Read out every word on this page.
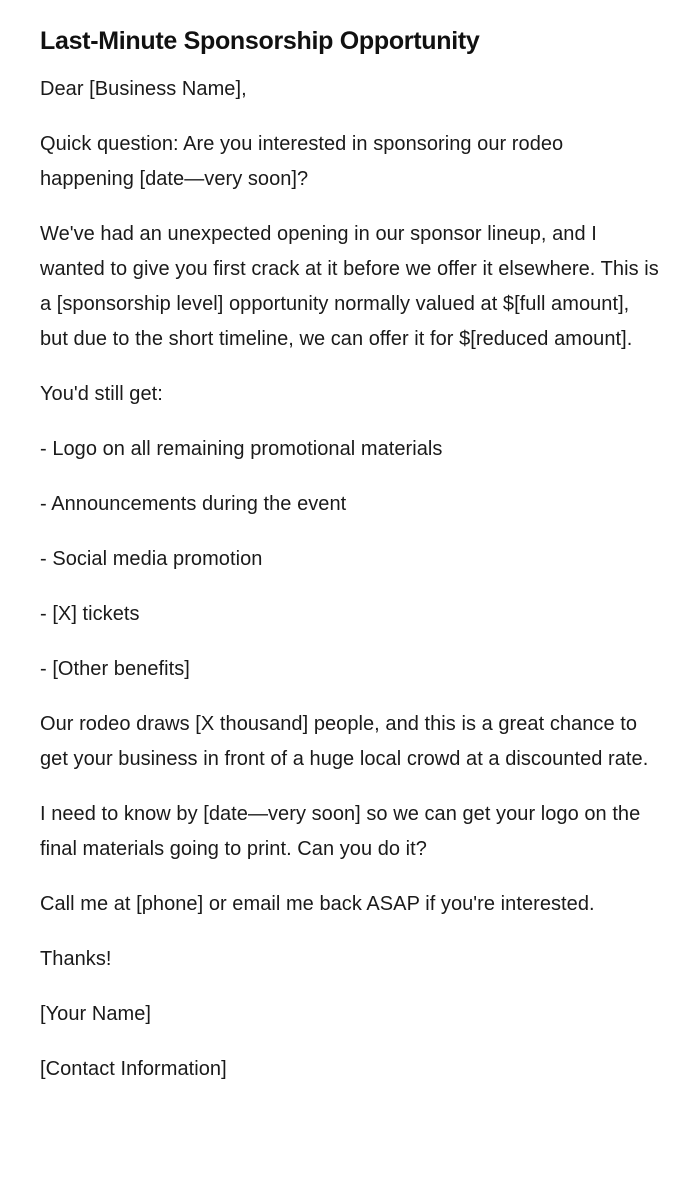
Last-Minute Sponsorship Opportunity

Dear [Business Name],

Quick question: Are you interested in sponsoring our rodeo happening [date—very soon]?

We've had an unexpected opening in our sponsor lineup, and I wanted to give you first crack at it before we offer it elsewhere. This is a [sponsorship level] opportunity normally valued at $[full amount], but due to the short timeline, we can offer it for $[reduced amount].

You'd still get:

- Logo on all remaining promotional materials

- Announcements during the event

- Social media promotion

- [X] tickets

- [Other benefits]

Our rodeo draws [X thousand] people, and this is a great chance to get your business in front of a huge local crowd at a discounted rate.

I need to know by [date—very soon] so we can get your logo on the final materials going to print. Can you do it?

Call me at [phone] or email me back ASAP if you're interested.

Thanks!

[Your Name]

[Contact Information]
